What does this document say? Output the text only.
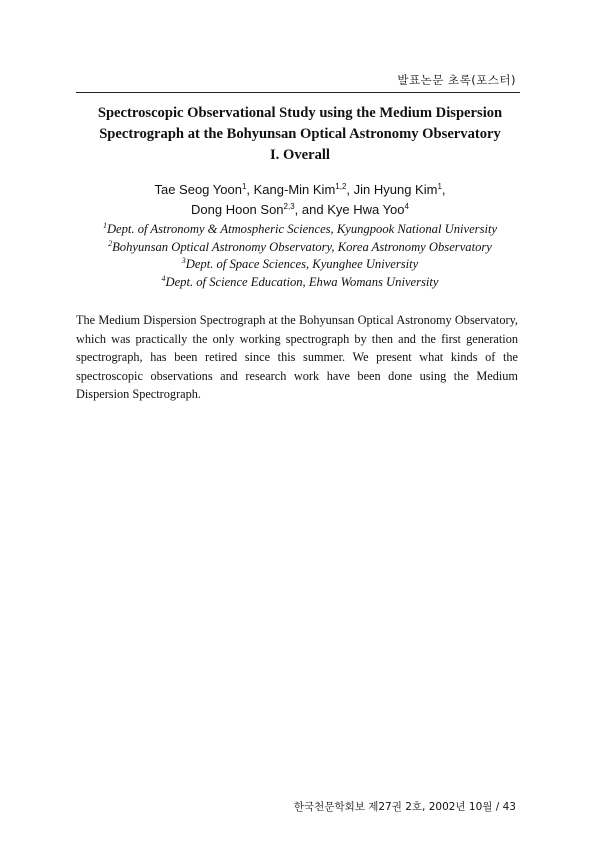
발표논문 초록(포스터)
Spectroscopic Observational Study using the Medium Dispersion
Spectrograph at the Bohyunsan Optical Astronomy Observatory
I. Overall
Tae Seog Yoon$^1$, Kang-Min Kim$^{1,2}$, Jin Hyung Kim$^1$,
Dong Hoon Son$^{2,3}$, and Kye Hwa Yoo$^4$
$^1$Dept. of Astronomy & Atmospheric Sciences, Kyungpook National University
$^2$Bohyunsan Optical Astronomy Observatory, Korea Astronomy Observatory
$^3$Dept. of Space Sciences, Kyunghee University
$^4$Dept. of Science Education, Ehwa Womans University
The Medium Dispersion Spectrograph at the Bohyunsan Optical Astronomy Observatory, which was practically the only working spectrograph by then and the first generation spectrograph, has been retired since this summer. We present what kinds of the spectroscopic observations and research work have been done using the Medium Dispersion Spectrograph.
한국천문학회보 제27권 2호, 2002년 10월 / 43
